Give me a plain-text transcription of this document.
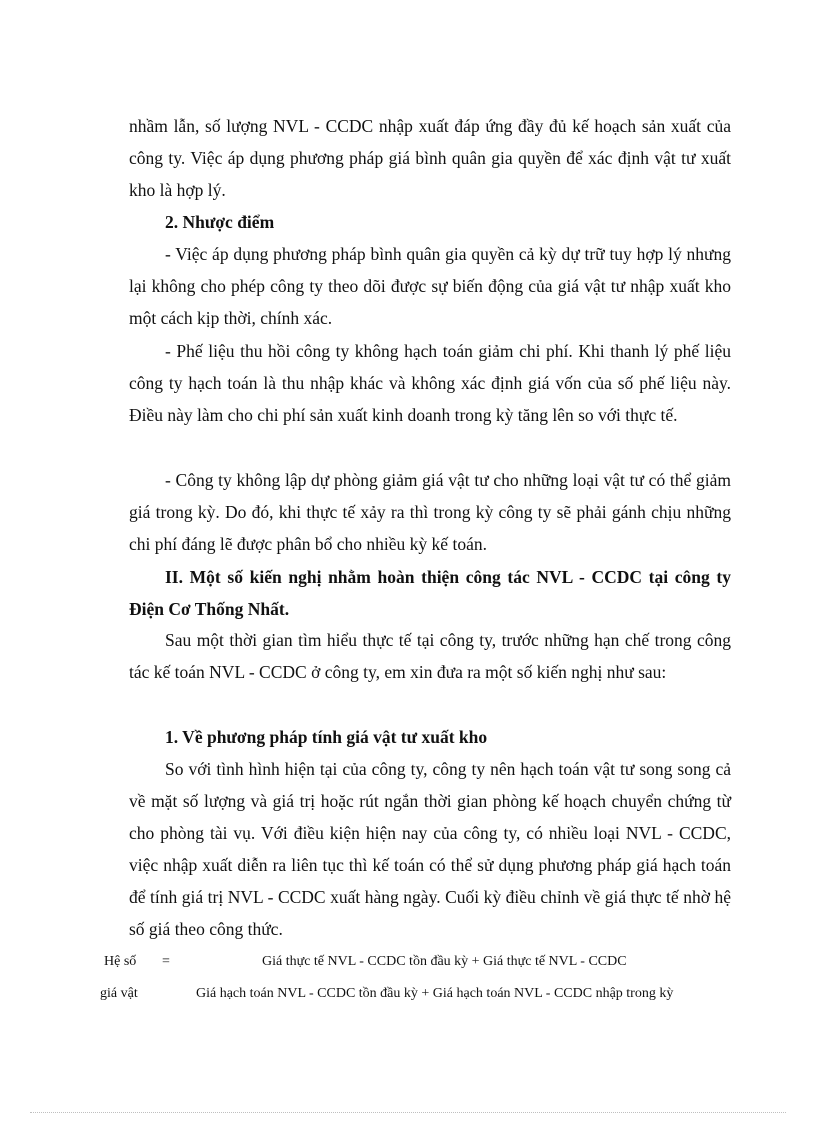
nhầm lẫn, số lượng NVL - CCDC nhập xuất đáp ứng đầy đủ kế hoạch sản xuất của công ty. Việc áp dụng phương pháp giá bình quân gia quyền để xác định vật tư xuất kho là hợp lý.
2. Nhược điểm
- Việc áp dụng phương pháp bình quân gia quyền cả kỳ dự trữ tuy hợp lý nhưng lại không cho phép công ty theo dõi được sự biến động của giá vật tư nhập xuất kho một cách kịp thời, chính xác.
- Phế liệu thu hồi công ty không hạch toán giảm chi phí. Khi thanh lý phế liệu công ty hạch toán là thu nhập khác và không xác định giá vốn của số phế liệu này. Điều này làm cho chi phí sản xuất kinh doanh trong kỳ tăng lên so với thực tế.
- Công ty không lập dự phòng giảm giá vật tư cho những loại vật tư có thể giảm giá trong kỳ. Do đó, khi thực tế xảy ra thì trong kỳ công ty sẽ phải gánh chịu những chi phí đáng lẽ được phân bổ cho nhiều kỳ kế toán.
II. Một số kiến nghị nhằm hoàn thiện công tác NVL - CCDC tại công ty Điện Cơ Thống Nhất.
Sau một thời gian tìm hiểu thực tế tại công ty, trước những hạn chế trong công tác kế toán NVL - CCDC ở công ty, em xin đưa ra một số kiến nghị như sau:
1. Về phương pháp tính giá vật tư xuất kho
So với tình hình hiện tại của công ty, công ty nên hạch toán vật tư song song cả về mặt số lượng và giá trị hoặc rút ngắn thời gian phòng kế hoạch chuyển chứng từ cho phòng tài vụ. Với điều kiện hiện nay của công ty, có nhiều loại NVL - CCDC, việc nhập xuất diễn ra liên tục thì kế toán có thể sử dụng phương pháp giá hạch toán để tính giá trị NVL - CCDC xuất hàng ngày. Cuối kỳ điều chỉnh về giá thực tế nhờ hệ số giá theo công thức.
Hệ số =	Giá thực tế NVL - CCDC tồn đầu kỳ + Giá thực tế NVL - CCDC
giá vật	Giá hạch toán NVL - CCDC tồn đầu kỳ + Giá hạch toán NVL - CCDC nhập trong kỳ
